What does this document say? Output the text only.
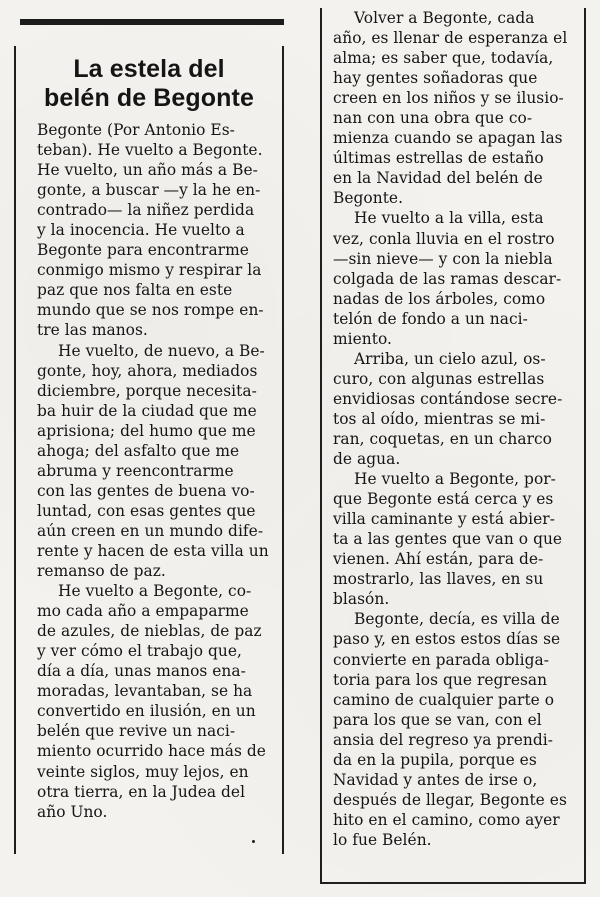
La estela del
belén de Begonte
Begonte (Por Antonio Es-
teban). He vuelto a Begonte.
He vuelto, un año más a Be-
gonte, a buscar —y la he en-
contrado— la niñez perdida
y la inocencia. He vuelto a
Begonte para encontrarme
conmigo mismo y respirar la
paz que nos falta en este
mundo que se nos rompe en-
tre las manos.
He vuelto, de nuevo, a Be-
gonte, hoy, ahora, mediados
diciembre, porque necesita-
ba huir de la ciudad que me
aprisiona; del humo que me
ahoga; del asfalto que me
abruma y reencontrarme
con las gentes de buena vo-
luntad, con esas gentes que
aún creen en un mundo dife-
rente y hacen de esta villa un
remanso de paz.
He vuelto a Begonte, co-
mo cada año a empaparme
de azules, de nieblas, de paz
y ver cómo el trabajo que,
día a día, unas manos ena-
moradas, levantaban, se ha
convertido en ilusión, en un
belén que revive un naci-
miento ocurrido hace más de
veinte siglos, muy lejos, en
otra tierra, en la Judea del
año Uno.
Volver a Begonte, cada
año, es llenar de esperanza el
alma; es saber que, todavía,
hay gentes soñadoras que
creen en los niños y se ilusio-
nan con una obra que co-
mienza cuando se apagan las
últimas estrellas de estaño
en la Navidad del belén de
Begonte.
He vuelto a la villa, esta
vez, conla lluvia en el rostro
—sin nieve— y con la niebla
colgada de las ramas descar-
nadas de los árboles, como
telón de fondo a un naci-
miento.
Arriba, un cielo azul, os-
curo, con algunas estrellas
envidiosas contándose secre-
tos al oído, mientras se mi-
ran, coquetas, en un charco
de agua.
He vuelto a Begonte, por-
que Begonte está cerca y es
villa caminante y está abier-
ta a las gentes que van o que
vienen. Ahí están, para de-
mostrarlo, las llaves, en su
blasón.
Begonte, decía, es villa de
paso y, en estos estos días se
convierte en parada obliga-
toria para los que regresan
camino de cualquier parte o
para los que se van, con el
ansia del regreso ya prendi-
da en la pupila, porque es
Navidad y antes de irse o,
después de llegar, Begonte es
hito en el camino, como ayer
lo fue Belén.
